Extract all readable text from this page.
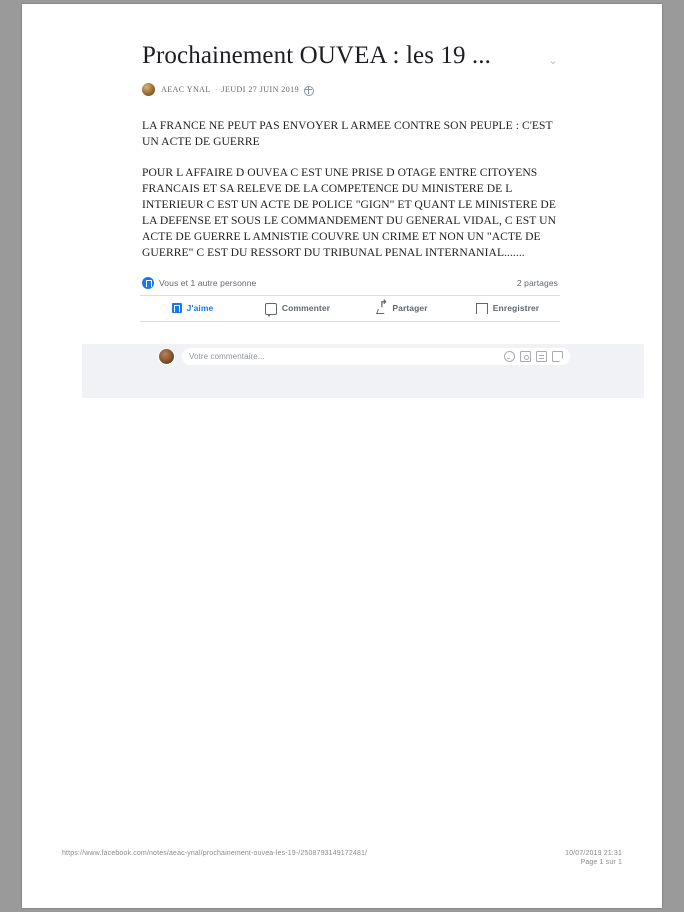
⌄
Prochainement OUVEA : les 19 ...
AEAC YNAL · JEUDI 27 JUIN 2019

LA FRANCE NE PEUT PAS ENVOYER L ARMEE CONTRE SON PEUPLE : C'EST UN ACTE DE GUERRE

POUR L AFFAIRE D OUVEA C EST UNE PRISE D OTAGE ENTRE CITOYENS FRANCAIS ET SA RELEVE DE LA COMPETENCE DU MINISTERE DE L INTERIEUR C EST UN ACTE DE POLICE "GIGN" ET QUANT LE MINISTERE DE LA DEFENSE ET SOUS LE COMMANDEMENT DU GENERAL VIDAL, C EST UN ACTE DE GUERRE L AMNISTIE COUVRE UN CRIME ET NON UN "ACTE DE GUERRE" C EST DU RESSORT DU TRIBUNAL PENAL INTERNANIAL.......

Vous et 1 autre personne	2 partages
J'aime	Commenter ↱	Partager	Enregistrer
Votre commentaire...
https://www.facebook.com/notes/aeac-ynal/prochainement-ouvea-les-19-/2508793149172481/	10/07/2019 21:31
Page 1 sur 1
